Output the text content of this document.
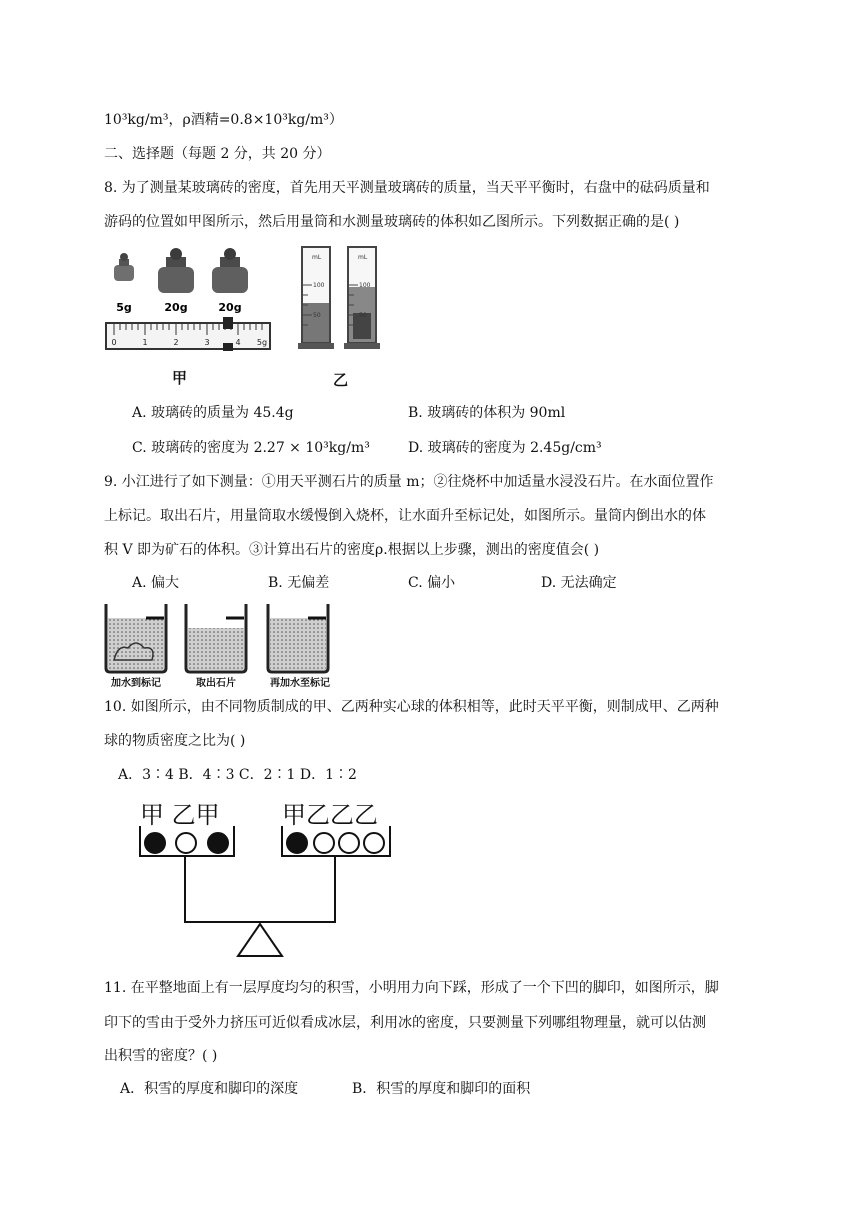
10³kg/m³，ρ酒精=0.8×10³kg/m³）
二、选择题（每题 2 分，共 20 分）
8. 为了测量某玻璃砖的密度，首先用天平测量玻璃砖的质量，当天平平衡时，右盘中的砝码质量和
游码的位置如甲图所示，然后用量筒和水测量玻璃砖的体积如乙图所示。下列数据正确的是( )
5g	20g	20g
0	1	2	3	4 5g
mL
100
50
mL
100
50
甲	乙
A. 玻璃砖的质量为 45.4g	B. 玻璃砖的体积为 90ml
C. 玻璃砖的密度为 2.27 × 10³kg/m³	D. 玻璃砖的密度为 2.45g/cm³
9. 小江进行了如下测量：①用天平测石片的质量 m；②往烧杯中加适量水浸没石片。在水面位置作
上标记。取出石片，用量筒取水缓慢倒入烧杯，让水面升至标记处，如图所示。量筒内倒出水的体
积 V 即为矿石的体积。③计算出石片的密度ρ.根据以上步骤，测出的密度值会( )
A. 偏大	B. 无偏差	C. 偏小	D. 无法确定
加水到标记	取出石片	再加水至标记
10. 如图所示，由不同物质制成的甲、乙两种实心球的体积相等，此时天平平衡，则制成甲、乙两种
球的物质密度之比为( )
A．3∶4 B．4∶3 C．2∶1 D．1∶2
甲 乙甲	甲乙乙乙
11. 在平整地面上有一层厚度均匀的积雪，小明用力向下踩，形成了一个下凹的脚印，如图所示，脚
印下的雪由于受外力挤压可近似看成冰层，利用冰的密度，只要测量下列哪组物理量，就可以估测
出积雪的密度？( )
A．积雪的厚度和脚印的深度	B．积雪的厚度和脚印的面积
